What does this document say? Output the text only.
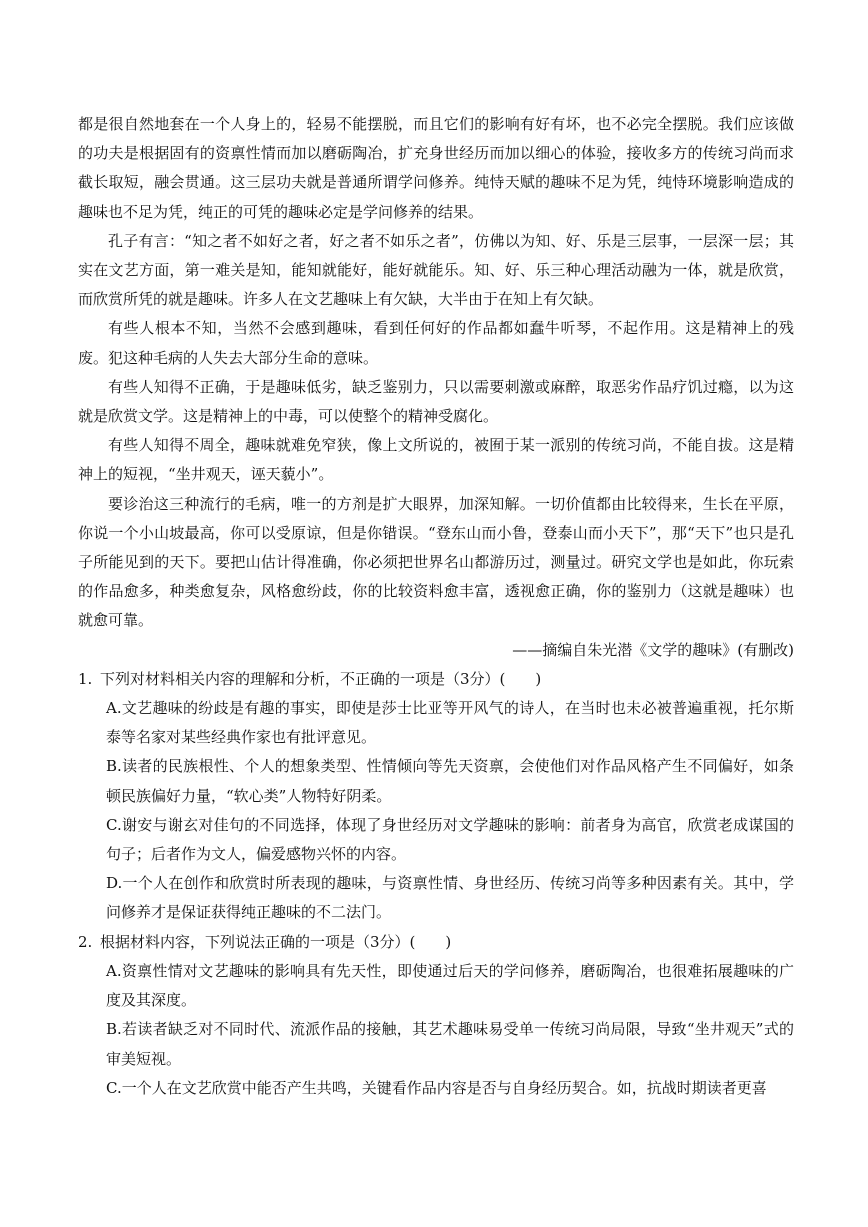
都是很自然地套在一个人身上的，轻易不能摆脱，而且它们的影响有好有坏，也不必完全摆脱。我们应该做的功夫是根据固有的资禀性情而加以磨砺陶冶，扩充身世经历而加以细心的体验，接收多方的传统习尚而求截长取短，融会贯通。这三层功夫就是普通所谓学问修养。纯恃天赋的趣味不足为凭，纯恃环境影响造成的趣味也不足为凭，纯正的可凭的趣味必定是学问修养的结果。

孔子有言：“知之者不如好之者，好之者不如乐之者”，仿佛以为知、好、乐是三层事，一层深一层；其实在文艺方面，第一难关是知，能知就能好，能好就能乐。知、好、乐三种心理活动融为一体，就是欣赏，而欣赏所凭的就是趣味。许多人在文艺趣味上有欠缺，大半由于在知上有欠缺。

有些人根本不知，当然不会感到趣味，看到任何好的作品都如蠢牛听琴，不起作用。这是精神上的残废。犯这种毛病的人失去大部分生命的意味。

有些人知得不正确，于是趣味低劣，缺乏鉴别力，只以需要刺激或麻醉，取恶劣作品疗饥过瘾，以为这就是欣赏文学。这是精神上的中毒，可以使整个的精神受腐化。

有些人知得不周全，趣味就难免窄狭，像上文所说的，被囿于某一派别的传统习尚，不能自拔。这是精神上的短视，“坐井观天，诬天藐小”。

要诊治这三种流行的毛病，唯一的方剂是扩大眼界，加深知解。一切价值都由比较得来，生长在平原，你说一个小山坡最高，你可以受原谅，但是你错误。“登东山而小鲁，登泰山而小天下”，那“天下”也只是孔子所能见到的天下。要把山估计得准确，你必须把世界名山都游历过，测量过。研究文学也是如此，你玩索的作品愈多，种类愈复杂，风格愈纷歧，你的比较资料愈丰富，透视愈正确，你的鉴别力（这就是趣味）也就愈可靠。

——摘编自朱光潜《文学的趣味》(有删改)

1. 下列对材料相关内容的理解和分析，不正确的一项是（3分）(　　)

A.文艺趣味的纷歧是有趣的事实，即使是莎士比亚等开风气的诗人，在当时也未必被普遍重视，托尔斯泰等名家对某些经典作家也有批评意见。

B.读者的民族根性、个人的想象类型、性情倾向等先天资禀，会使他们对作品风格产生不同偏好，如条顿民族偏好力量，“软心类”人物特好阴柔。

C.谢安与谢玄对佳句的不同选择，体现了身世经历对文学趣味的影响：前者身为高官，欣赏老成谋国的句子；后者作为文人，偏爱感物兴怀的内容。

D.一个人在创作和欣赏时所表现的趣味，与资禀性情、身世经历、传统习尚等多种因素有关。其中，学问修养才是保证获得纯正趣味的不二法门。

2. 根据材料内容，下列说法正确的一项是（3分）(　　)

A.资禀性情对文艺趣味的影响具有先天性，即使通过后天的学问修养，磨砺陶冶，也很难拓展趣味的广度及其深度。

B.若读者缺乏对不同时代、流派作品的接触，其艺术趣味易受单一传统习尚局限，导致“坐井观天”式的审美短视。

C.一个人在文艺欣赏中能否产生共鸣，关键看作品内容是否与自身经历契合。如，抗战时期读者更喜
